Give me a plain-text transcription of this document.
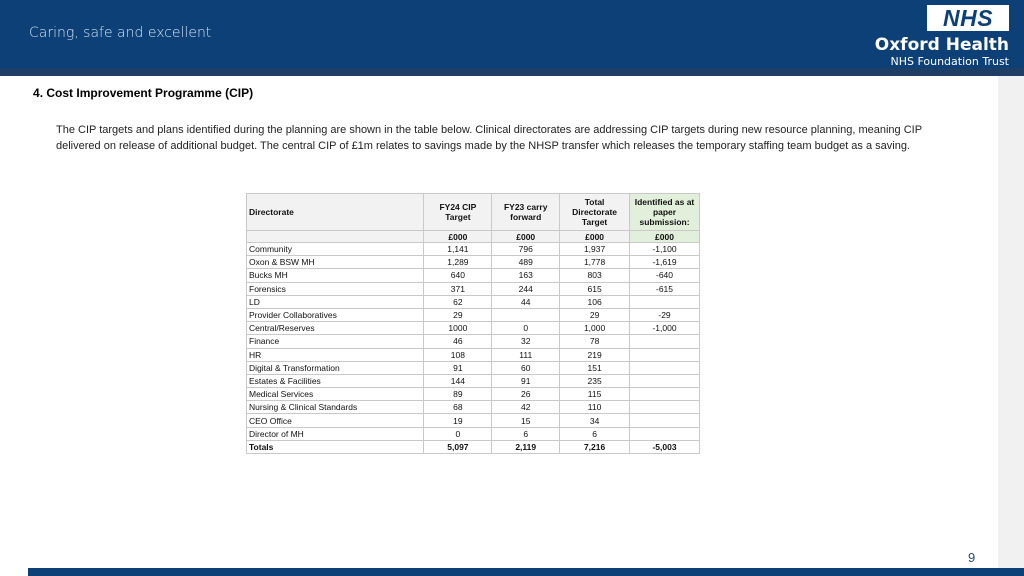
Caring, safe and excellent
NHS
Oxford Health
NHS Foundation Trust
4. Cost Improvement Programme (CIP)
The CIP targets and plans identified during the planning are shown in the table below. Clinical directorates are addressing CIP targets during new resource planning, meaning CIP delivered on release of additional budget. The central CIP of £1m relates to savings made by the NHSP transfer which releases the temporary staffing team budget as a saving.
Directorate	FY24 CIP Target	FY23 carry forward	Total Directorate Target	Identified as at paper submission:
	£000	£000	£000	£000
Community	1,141	796	1,937	-1,100
Oxon & BSW MH	1,289	489	1,778	-1,619
Bucks MH	640	163	803	-640
Forensics	371	244	615	-615
LD	62	44	106	
Provider Collaboratives	29		29	-29
Central/Reserves	1000	0	1,000	-1,000
Finance	46	32	78	
HR	108	111	219	
Digital & Transformation	91	60	151	
Estates & Facilities	144	91	235	
Medical Services	89	26	115	
Nursing & Clinical Standards	68	42	110	
CEO Office	19	15	34	
Director of MH	0	6	6	
Totals	5,097	2,119	7,216	-5,003
9
